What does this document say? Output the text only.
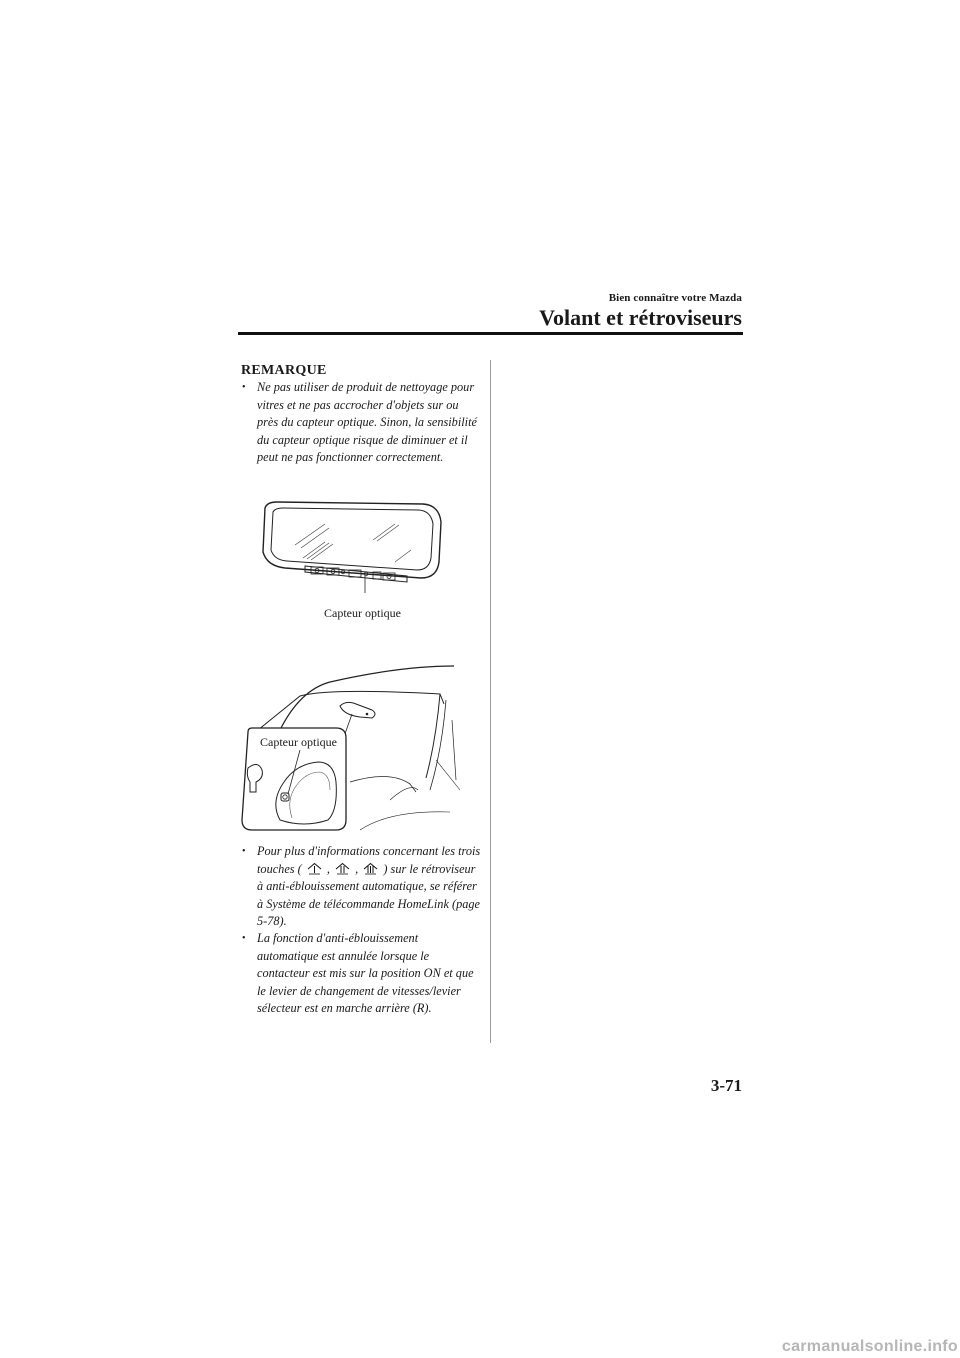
Bien connaître votre Mazda
Volant et rétroviseurs
REMARQUE
• Ne pas utiliser de produit de nettoyage pour vitres et ne pas accrocher d'objets sur ou près du capteur optique. Sinon, la sensibilité du capteur optique risque de diminuer et il peut ne pas fonctionner correctement.
Capteur optique
Capteur optique
• Pour plus d'informations concernant les trois touches ( , , ) sur le rétroviseur à anti-éblouissement automatique, se référer à Système de télécommande HomeLink (page 5-78).
• La fonction d'anti-éblouissement automatique est annulée lorsque le contacteur est mis sur la position ON et que le levier de changement de vitesses/levier sélecteur est en marche arrière (R).
3-71
carmanualsonline.info
